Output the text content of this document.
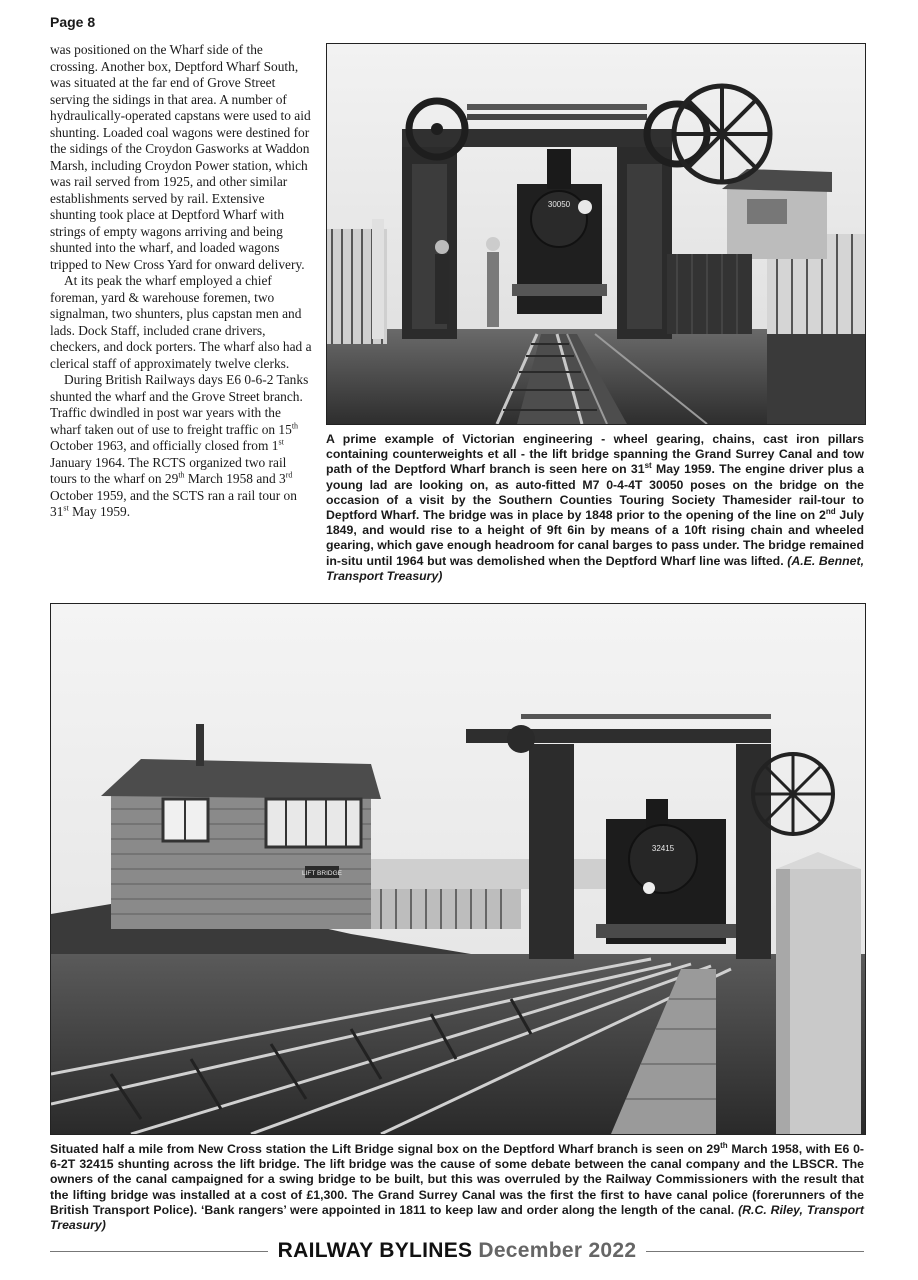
Page 8

was positioned on the Wharf side of the crossing. Another box, Deptford Wharf South, was situated at the far end of Grove Street serving the sidings in that area. A number of hydraulically-operated capstans were used to aid shunting. Loaded coal wagons were destined for the sidings of the Croydon Gasworks at Waddon Marsh, including Croydon Power station, which was rail served from 1925, and other similar establishments served by rail. Extensive shunting took place at Deptford Wharf with strings of empty wagons arriving and being shunted into the wharf, and loaded wagons tripped to New Cross Yard for onward delivery.

At its peak the wharf employed a chief foreman, yard & warehouse foremen, two signalman, two shunters, plus capstan men and lads. Dock Staff, included crane drivers, checkers, and dock porters. The wharf also had a clerical staff of approximately twelve clerks.

During British Railways days E6 0-6-2 Tanks shunted the wharf and the Grove Street branch. Traffic dwindled in post war years with the wharf taken out of use to freight traffic on 15th October 1963, and officially closed from 1st January 1964. The RCTS organized two rail tours to the wharf on 29th March 1958 and 3rd October 1959, and the SCTS ran a rail tour on 31st May 1959.

30050
A prime example of Victorian engineering - wheel gearing, chains, cast iron pillars containing counterweights et all - the lift bridge spanning the Grand Surrey Canal and tow path of the Deptford Wharf branch is seen here on 31st May 1959. The engine driver plus a young lad are looking on, as auto-fitted M7 0-4-4T 30050 poses on the bridge on the occasion of a visit by the Southern Counties Touring Society Thamesider rail-tour to Deptford Wharf. The bridge was in place by 1848 prior to the opening of the line on 2nd July 1849, and would rise to a height of 9ft 6in by means of a 10ft rising chain and wheeled gearing, which gave enough headroom for canal barges to pass under. The bridge remained in-situ until 1964 but was demolished when the Deptford Wharf line was lifted. (A.E. Bennet, Transport Treasury)
LIFT BRIDGE
32415
Situated half a mile from New Cross station the Lift Bridge signal box on the Deptford Wharf branch is seen on 29th March 1958, with E6 0-6-2T 32415 shunting across the lift bridge. The lift bridge was the cause of some debate between the canal company and the LBSCR. The owners of the canal campaigned for a swing bridge to be built, but this was overruled by the Railway Commissioners with the result that the lifting bridge was installed at a cost of £1,300. The Grand Surrey Canal was the first the first to have canal police (forerunners of the British Transport Police). ‘Bank rangers’ were appointed in 1811 to keep law and order along the length of the canal. (R.C. Riley, Transport Treasury)
RAILWAY BYLINES December 2022
